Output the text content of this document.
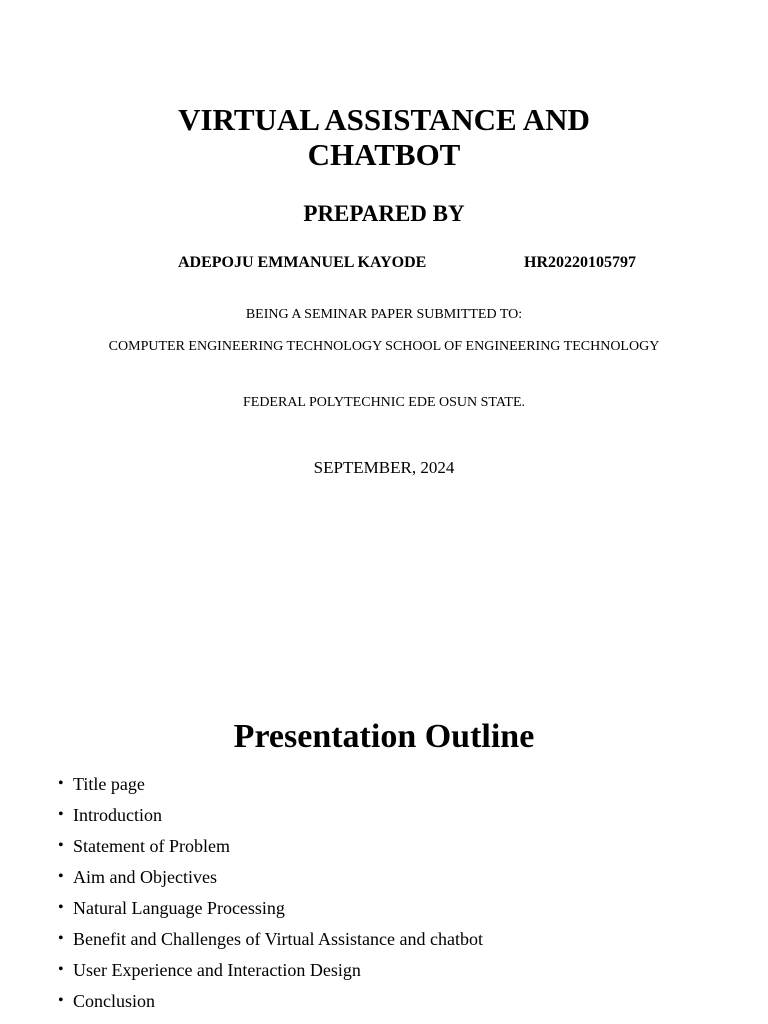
VIRTUAL ASSISTANCE AND
CHATBOT
PREPARED BY
ADEPOJU EMMANUEL KAYODE	HR20220105797
BEING A SEMINAR PAPER SUBMITTED TO:
COMPUTER ENGINEERING TECHNOLOGY SCHOOL OF ENGINEERING TECHNOLOGY
FEDERAL POLYTECHNIC EDE OSUN STATE.
SEPTEMBER, 2024
Presentation Outline
• Title page
• Introduction
• Statement of Problem
• Aim and Objectives
• Natural Language Processing
• Benefit and Challenges of Virtual Assistance and chatbot
• User Experience and Interaction Design
• Conclusion
